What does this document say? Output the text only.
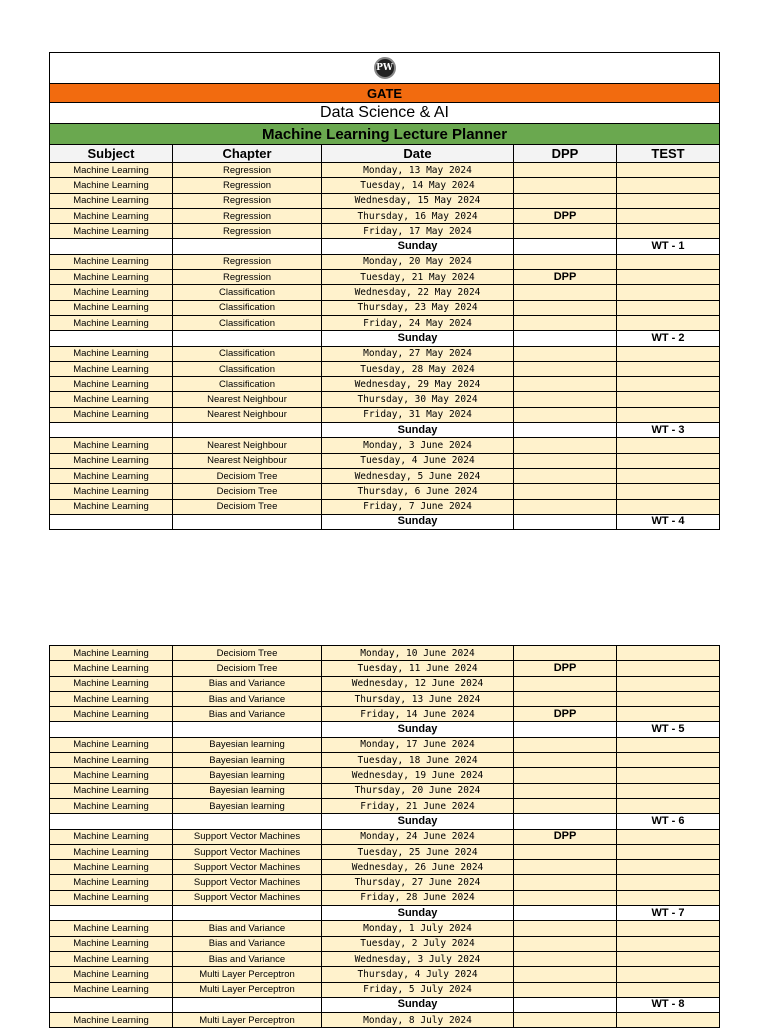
PW				
GATE				
Data Science & AI				
Machine Learning Lecture Planner				
Subject	Chapter	Date	DPP	TEST
Machine Learning	Regression	Monday, 13 May 2024		
Machine Learning	Regression	Tuesday, 14 May 2024		
Machine Learning	Regression	Wednesday, 15 May 2024		
Machine Learning	Regression	Thursday, 16 May 2024	DPP	
Machine Learning	Regression	Friday, 17 May 2024		
		Sunday		WT - 1
Machine Learning	Regression	Monday, 20 May 2024		
Machine Learning	Regression	Tuesday, 21 May 2024	DPP	
Machine Learning	Classification	Wednesday, 22 May 2024		
Machine Learning	Classification	Thursday, 23 May 2024		
Machine Learning	Classification	Friday, 24 May 2024		
		Sunday		WT - 2
Machine Learning	Classification	Monday, 27 May 2024		
Machine Learning	Classification	Tuesday, 28 May 2024		
Machine Learning	Classification	Wednesday, 29 May 2024		
Machine Learning	Nearest Neighbour	Thursday, 30 May 2024		
Machine Learning	Nearest Neighbour	Friday, 31 May 2024		
		Sunday		WT - 3
Machine Learning	Nearest Neighbour	Monday, 3 June 2024		
Machine Learning	Nearest Neighbour	Tuesday, 4 June 2024		
Machine Learning	Decisiom Tree	Wednesday, 5 June 2024		
Machine Learning	Decisiom Tree	Thursday, 6 June 2024		
Machine Learning	Decisiom Tree	Friday, 7 June 2024		
		Sunday		WT - 4
Machine Learning	Decisiom Tree	Monday, 10 June 2024		
Machine Learning	Decisiom Tree	Tuesday, 11 June 2024	DPP	
Machine Learning	Bias and Variance	Wednesday, 12 June 2024		
Machine Learning	Bias and Variance	Thursday, 13 June 2024		
Machine Learning	Bias and Variance	Friday, 14 June 2024	DPP	
		Sunday		WT - 5
Machine Learning	Bayesian learning	Monday, 17 June 2024		
Machine Learning	Bayesian learning	Tuesday, 18 June 2024		
Machine Learning	Bayesian learning	Wednesday, 19 June 2024		
Machine Learning	Bayesian learning	Thursday, 20 June 2024		
Machine Learning	Bayesian learning	Friday, 21 June 2024		
		Sunday		WT - 6
Machine Learning	Support Vector Machines	Monday, 24 June 2024	DPP	
Machine Learning	Support Vector Machines	Tuesday, 25 June 2024		
Machine Learning	Support Vector Machines	Wednesday, 26 June 2024		
Machine Learning	Support Vector Machines	Thursday, 27 June 2024		
Machine Learning	Support Vector Machines	Friday, 28 June 2024		
		Sunday		WT - 7
Machine Learning	Bias and Variance	Monday, 1 July 2024		
Machine Learning	Bias and Variance	Tuesday, 2 July 2024		
Machine Learning	Bias and Variance	Wednesday, 3 July 2024		
Machine Learning	Multi Layer Perceptron	Thursday, 4 July 2024		
Machine Learning	Multi Layer Perceptron	Friday, 5 July 2024		
		Sunday		WT - 8
Machine Learning	Multi Layer Perceptron	Monday, 8 July 2024		
